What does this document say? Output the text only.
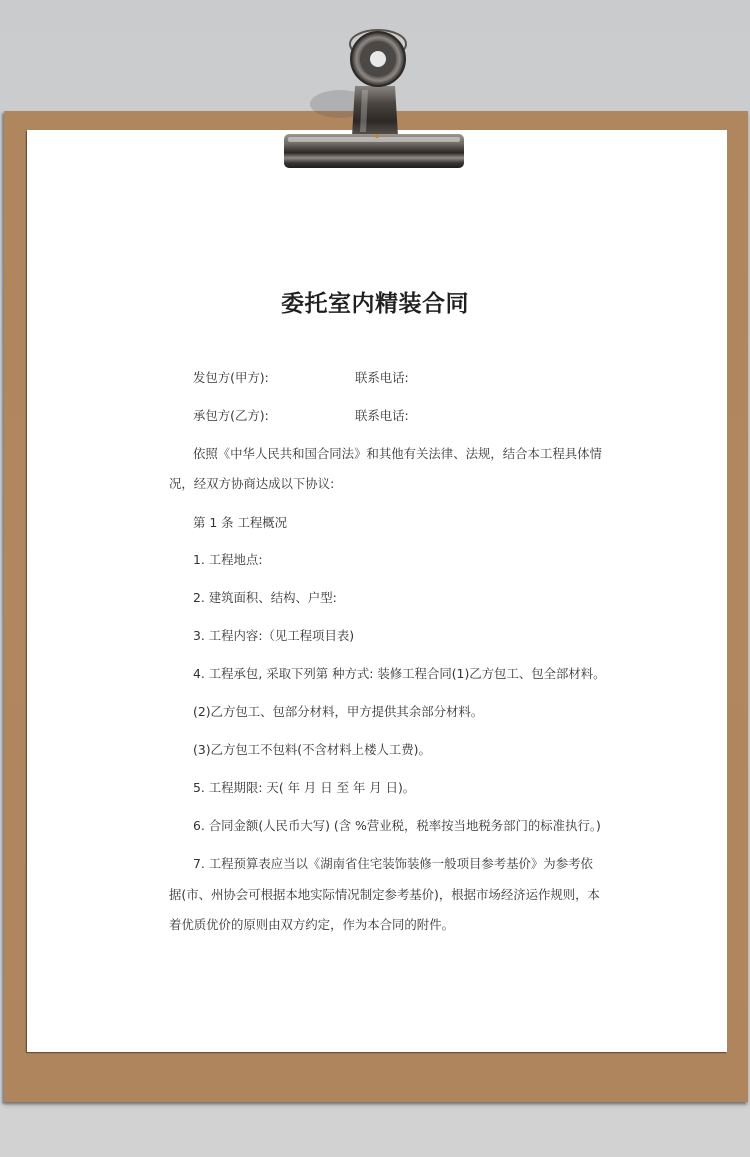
委托室内精装合同
发包方(甲方):	联系电话:
承包方(乙方):	联系电话:
依照《中华人民共和国合同法》和其他有关法律、法规，结合本工程具体情
况，经双方协商达成以下协议:
第 1 条 工程概况
1. 工程地点:
2. 建筑面积、结构、户型:
3. 工程内容:（见工程项目表)
4. 工程承包, 采取下列第 种方式: 装修工程合同(1)乙方包工、包全部材料。
(2)乙方包工、包部分材料，甲方提供其余部分材料。
(3)乙方包工不包料(不含材料上楼人工费)。
5. 工程期限: 天( 年 月 日 至 年 月 日)。
6. 合同金额(人民币大写) (含 %营业税，税率按当地税务部门的标准执行。)
7. 工程预算表应当以《湖南省住宅装饰装修一般项目参考基价》为参考依
据(市、州协会可根据本地实际情况制定参考基价)，根据市场经济运作规则，本
着优质优价的原则由双方约定，作为本合同的附件。
